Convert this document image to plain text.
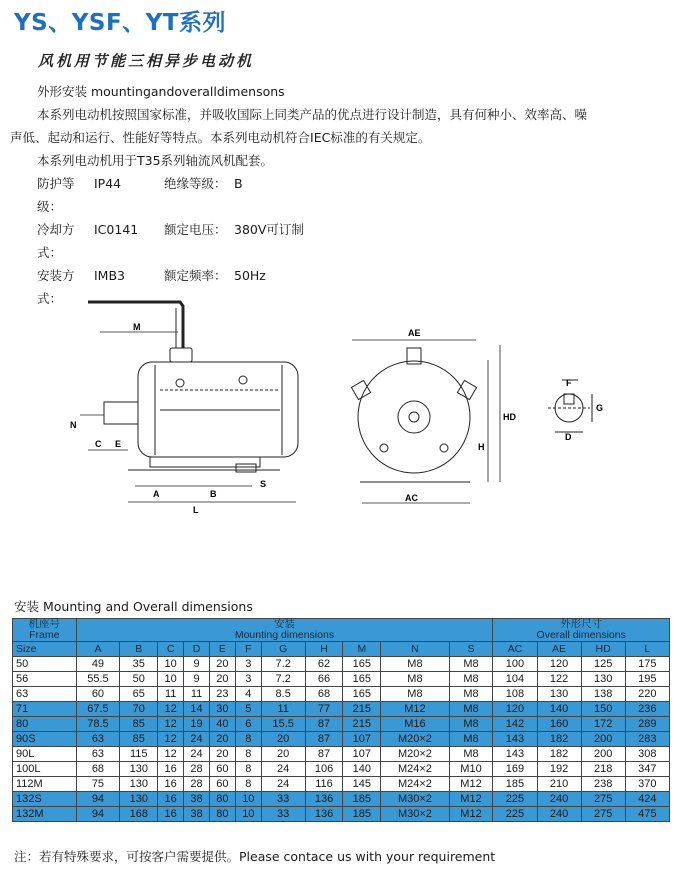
YS、YSF、YT系列
风机用节能三相异步电动机

外形安装 mountingandoveralldimensons

本系列电动机按照国家标准，并吸收国际上同类产品的优点进行设计制造，具有何种小、效率高、噪

声低、起动和运行、性能好等特点。本系列电动机符合IEC标准的有关规定。

本系列电动机用于T35系列轴流风机配套。

防护等级：
IP44	绝缘等级： B
冷却方式：
IC0141	额定电压： 380V可订制
安装方式：
IMB3	额定频率： 50Hz
M
N
C E
A	B
S
L
AE
AC
H
HD
F
G
D
安装 Mounting and Overall dimensions
机座号
Frame	安装
Mounting dimensions											外形尺寸
Overall dimensions			
Size	A	B	C	D	E	F	G	H	M	N	S	AC	AE	HD	L
50	49	35	10	9	20	3	7.2	62	165	M8	M8	100	120	125	175
56	55.5	50	10	9	20	3	7.2	66	165	M8	M8	104	122	130	195
63	60	65	11	11	23	4	8.5	68	165	M8	M8	108	130	138	220
71	67.5	70	12	14	30	5	11	77	215	M12	M8	120	140	150	236
80	78.5	85	12	19	40	6	15.5	87	215	M16	M8	142	160	172	289
90S	63	85	12	24	20	8	20	87	107	M20×2	M8	143	182	200	283
90L	63	115	12	24	20	8	20	87	107	M20×2	M8	143	182	200	308
100L	68	130	16	28	60	8	24	106	140	M24×2	M10	169	192	218	347
112M	75	130	16	28	60	8	24	116	145	M24×2	M12	185	210	238	370
132S	94	130	16	38	80	10	33	136	185	M30×2	M12	225	240	275	424
132M	94	168	16	38	80	10	33	136	185	M30×2	M12	225	240	275	475
注：若有特殊要求，可按客户需要提供。Please contace us with your requirement
